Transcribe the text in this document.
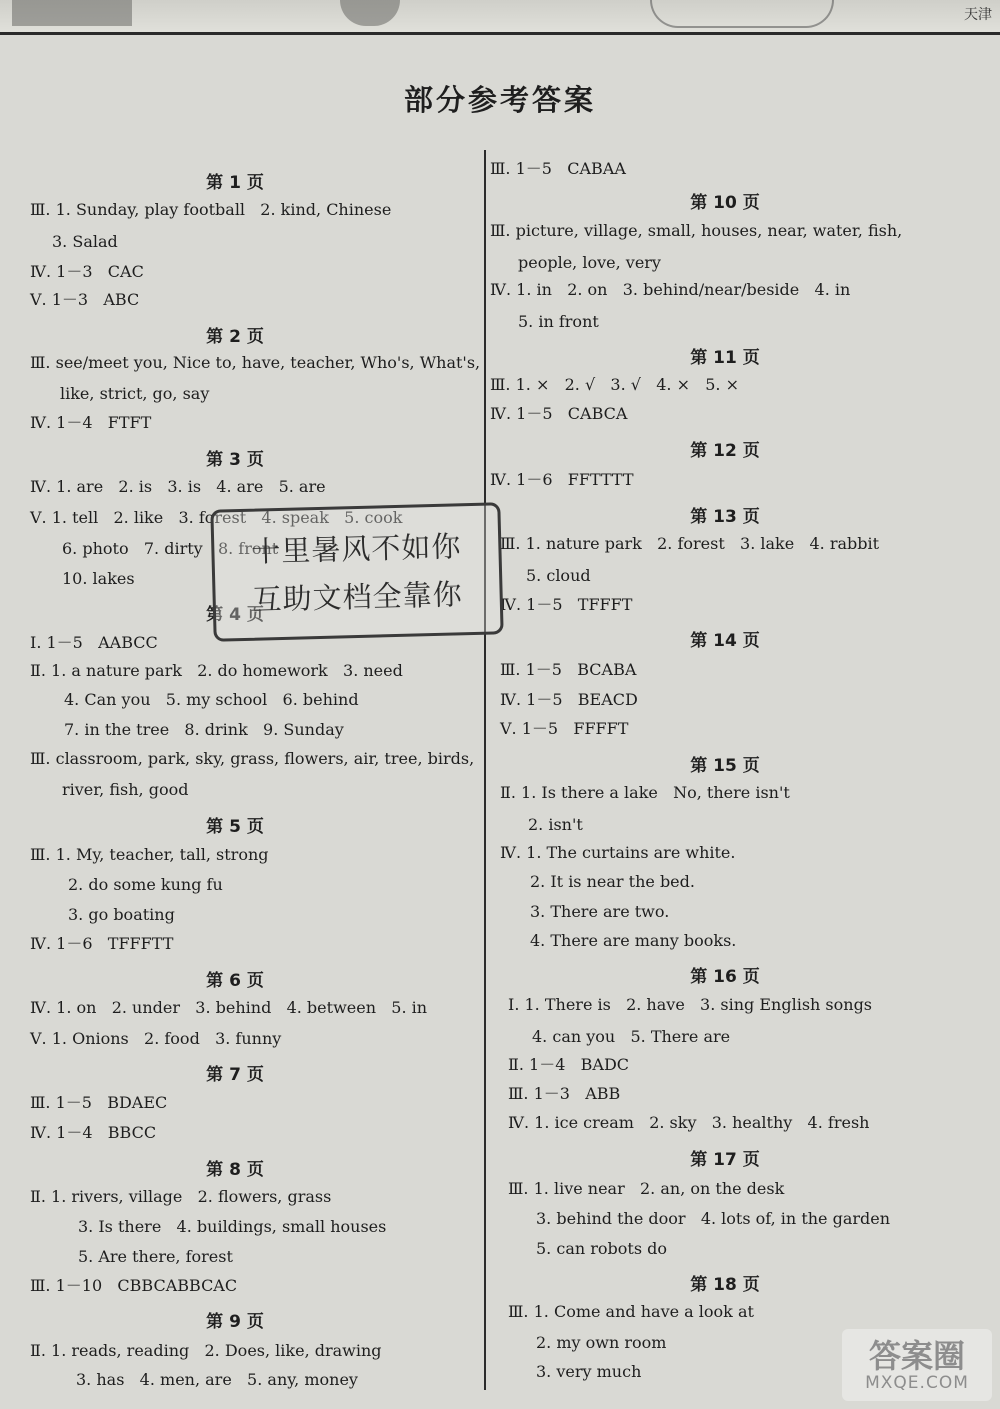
天津
部分参考答案
第 1 页
Ⅲ. 1. Sunday, play football   2. kind, Chinese
3. Salad
Ⅳ. 1－3   CAC
Ⅴ. 1－3   ABC
第 2 页
Ⅲ. see/meet you, Nice to, have, teacher, Who's, What's,
like, strict, go, say
Ⅳ. 1－4   FTFT
第 3 页
Ⅳ. 1. are   2. is   3. is   4. are   5. are
Ⅴ. 1. tell   2. like   3. forest   4. speak   5. cook
6. photo   7. dirty   8. front
10. lakes
第 4 页
Ⅰ. 1－5   AABCC
Ⅱ. 1. a nature park   2. do homework   3. need
4. Can you   5. my school   6. behind
7. in the tree   8. drink   9. Sunday
Ⅲ. classroom, park, sky, grass, flowers, air, tree, birds,
river, fish, good
第 5 页
Ⅲ. 1. My, teacher, tall, strong
2. do some kung fu
3. go boating
Ⅳ. 1－6   TFFFTT
第 6 页
Ⅳ. 1. on   2. under   3. behind   4. between   5. in
Ⅴ. 1. Onions   2. food   3. funny
第 7 页
Ⅲ. 1－5   BDAEC
Ⅳ. 1－4   BBCC
第 8 页
Ⅱ. 1. rivers, village   2. flowers, grass
3. Is there   4. buildings, small houses
5. Are there, forest
Ⅲ. 1－10   CBBCABBCAC
第 9 页
Ⅱ. 1. reads, reading   2. Does, like, drawing
3. has   4. men, are   5. any, money
Ⅲ. 1－5   CABAA
第 10 页
Ⅲ. picture, village, small, houses, near, water, fish,
people, love, very
Ⅳ. 1. in   2. on   3. behind/near/beside   4. in
5. in front
第 11 页
Ⅲ. 1. ×   2. √   3. √   4. ×   5. ×
Ⅳ. 1－5   CABCA
第 12 页
Ⅳ. 1－6   FFTTTT
第 13 页
Ⅲ. 1. nature park   2. forest   3. lake   4. rabbit
5. cloud
Ⅳ. 1－5   TFFFT
第 14 页
Ⅲ. 1－5   BCABA
Ⅳ. 1－5   BEACD
Ⅴ. 1－5   FFFFT
第 15 页
Ⅱ. 1. Is there a lake   No, there isn't
2. isn't
Ⅳ. 1. The curtains are white.
2. It is near the bed.
3. There are two.
4. There are many books.
第 16 页
Ⅰ. 1. There is   2. have   3. sing English songs
4. can you   5. There are
Ⅱ. 1－4   BADC
Ⅲ. 1－3   ABB
Ⅳ. 1. ice cream   2. sky   3. healthy   4. fresh
第 17 页
Ⅲ. 1. live near   2. an, on the desk
3. behind the door   4. lots of, in the garden
5. can robots do
第 18 页
Ⅲ. 1. Come and have a look at
2. my own room
3. very much
十里暑风不如你
互助文档全靠你
答案圈
MXQE.COM
